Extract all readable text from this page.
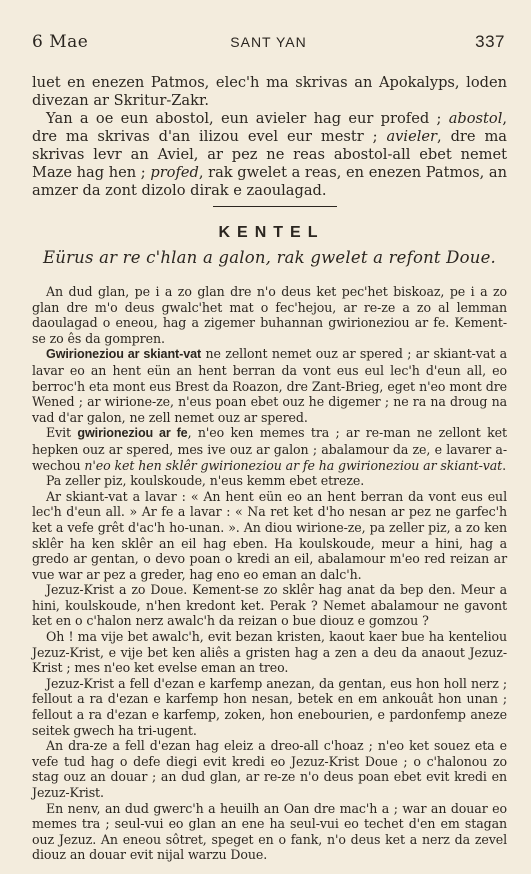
6 Mae	SANT YAN	337

luet en enezen Patmos, elec'h ma skrivas an Apokalyps, loden divezan ar Skritur-Zakr.

Yan a oe eun abostol, eun avieler hag eur profed ; abostol, dre ma skrivas d'an ilizou evel eur mestr ; avieler, dre ma skrivas levr an Aviel, ar pez ne reas abostol-all ebet nemet Maze hag hen ; profed, rak gwelet a reas, en enezen Patmos, an amzer da zont dizolo dirak e zaoulagad.

KENTEL
Eürus ar re c'hlan a galon, rak gwelet a refont Doue.

An dud glan, pe i a zo glan dre n'o deus ket pec'het biskoaz, pe i a zo glan dre m'o deus gwalc'het mat o fec'hejou, ar re-ze a zo al lemman daoulagad o eneou, hag a zigemer buhannan gwirioneziou ar fe. Kement-se zo ês da gompren.

Gwirioneziou ar skiant-vat ne zellont nemet ouz ar spered ; ar skiant-vat a lavar eo an hent eün an hent berran da vont eus eul lec'h d'eun all, eo berroc'h eta mont eus Brest da Roazon, dre Zant-Brieg, eget n'eo mont dre Wened ; ar wirione-ze, n'eus poan ebet ouz he digemer ; ne ra na droug na vad d'ar galon, ne zell nemet ouz ar spered.

Evit gwirioneziou ar fe, n'eo ken memes tra ; ar re-man ne zellont ket hepken ouz ar spered, mes ive ouz ar galon ; abalamour da ze, e lavarer a-wechou n'eo ket hen sklêr gwirioneziou ar fe ha gwirioneziou ar skiant-vat.

Pa zeller piz, koulskoude, n'eus kemm ebet etreze.

Ar skiant-vat a lavar : « An hent eün eo an hent berran da vont eus eul lec'h d'eun all. » Ar fe a lavar : « Na ret ket d'ho nesan ar pez ne garfec'h ket a vefe grêt d'ac'h ho-unan. ». An diou wirione-ze, pa zeller piz, a zo ken sklêr ha ken sklêr an eil hag eben. Ha koulskoude, meur a hini, hag a gredo ar gentan, o devo poan o kredi an eil, abalamour m'eo red reizan ar vue war ar pez a greder, hag eno eo eman an dalc'h.

Jezuz-Krist a zo Doue. Kement-se zo sklêr hag anat da bep den. Meur a hini, koulskoude, n'hen kredont ket. Perak ? Nemet abalamour ne gavont ket en o c'halon nerz awalc'h da reizan o bue diouz e gomzou ?

Oh ! ma vije bet awalc'h, evit bezan kristen, kaout kaer bue ha kenteliou Jezuz-Krist, e vije bet ken aliês a gristen hag a zen a deu da anaout Jezuz-Krist ; mes n'eo ket evelse eman an treo.

Jezuz-Krist a fell d'ezan e karfemp anezan, da gentan, eus hon holl nerz ; fellout a ra d'ezan e karfemp hon nesan, betek en em ankouât hon unan ; fellout a ra d'ezan e karfemp, zoken, hon enebourien, e pardonfemp aneze seitek gwech ha tri-ugent.

An dra-ze a fell d'ezan hag eleiz a dreo-all c'hoaz ; n'eo ket souez eta e vefe tud hag o defe diegi evit kredi eo Jezuz-Krist Doue ; o c'halonou zo stag ouz an douar ; an dud glan, ar re-ze n'o deus poan ebet evit kredi en Jezuz-Krist.

En nenv, an dud gwerc'h a heuilh an Oan dre mac'h a ; war an douar eo memes tra ; seul-vui eo glan an ene ha seul-vui eo techet d'en em stagan ouz Jezuz. An eneou sôtret, speget en o fank, n'o deus ket a nerz da zevel diouz an douar evit nijal warzu Doue.
